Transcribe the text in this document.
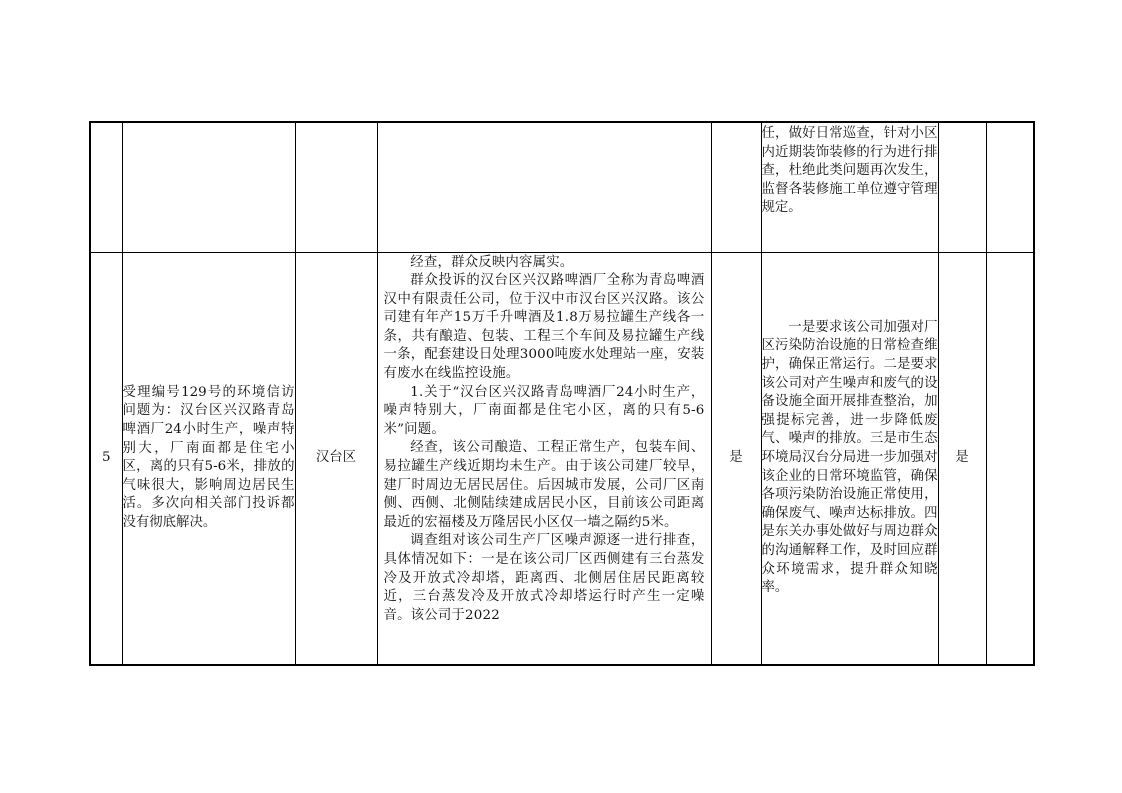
					任，做好日常巡查，针对小区内近期装饰装修的行为进行排查，杜绝此类问题再次发生，监督各装修施工单位遵守管理规定。		

5	受理编号129号的环境信访问题为：汉台区兴汉路青岛啤酒厂24小时生产，噪声特别大，厂南面都是住宅小区，离的只有5-6米，排放的气味很大，影响周边居民生活。多次向相关部门投诉都没有彻底解决。	汉台区	经查，群众反映内容属实。

群众投诉的汉台区兴汉路啤酒厂全称为青岛啤酒汉中有限责任公司，位于汉中市汉台区兴汉路。该公司建有年产15万千升啤酒及1.8万易拉罐生产线各一条，共有酿造、包装、工程三个车间及易拉罐生产线一条，配套建设日处理3000吨废水处理站一座，安装有废水在线监控设施。

1.关于“汉台区兴汉路青岛啤酒厂24小时生产，噪声特别大，厂南面都是住宅小区，离的只有5-6米”问题。

经查，该公司酿造、工程正常生产，包装车间、易拉罐生产线近期均未生产。由于该公司建厂较早，建厂时周边无居民居住。后因城市发展，公司厂区南侧、西侧、北侧陆续建成居民小区，目前该公司距离最近的宏福楼及万隆居民小区仅一墙之隔约5米。

调查组对该公司生产厂区噪声源逐一进行排查，具体情况如下：一是在该公司厂区西侧建有三台蒸发冷及开放式冷却塔，距离西、北侧居住居民距离较近，三台蒸发冷及开放式冷却塔运行时产生一定噪音。该公司于2022	是	一是要求该公司加强对厂区污染防治设施的日常检查维护，确保正常运行。二是要求该公司对产生噪声和废气的设备设施全面开展排查整治，加强提标完善，进一步降低废气、噪声的排放。三是市生态环境局汉台分局进一步加强对该企业的日常环境监管，确保各项污染防治设施正常使用，确保废气、噪声达标排放。四是东关办事处做好与周边群众的沟通解释工作，及时回应群众环境需求，提升群众知晓率。	是	
